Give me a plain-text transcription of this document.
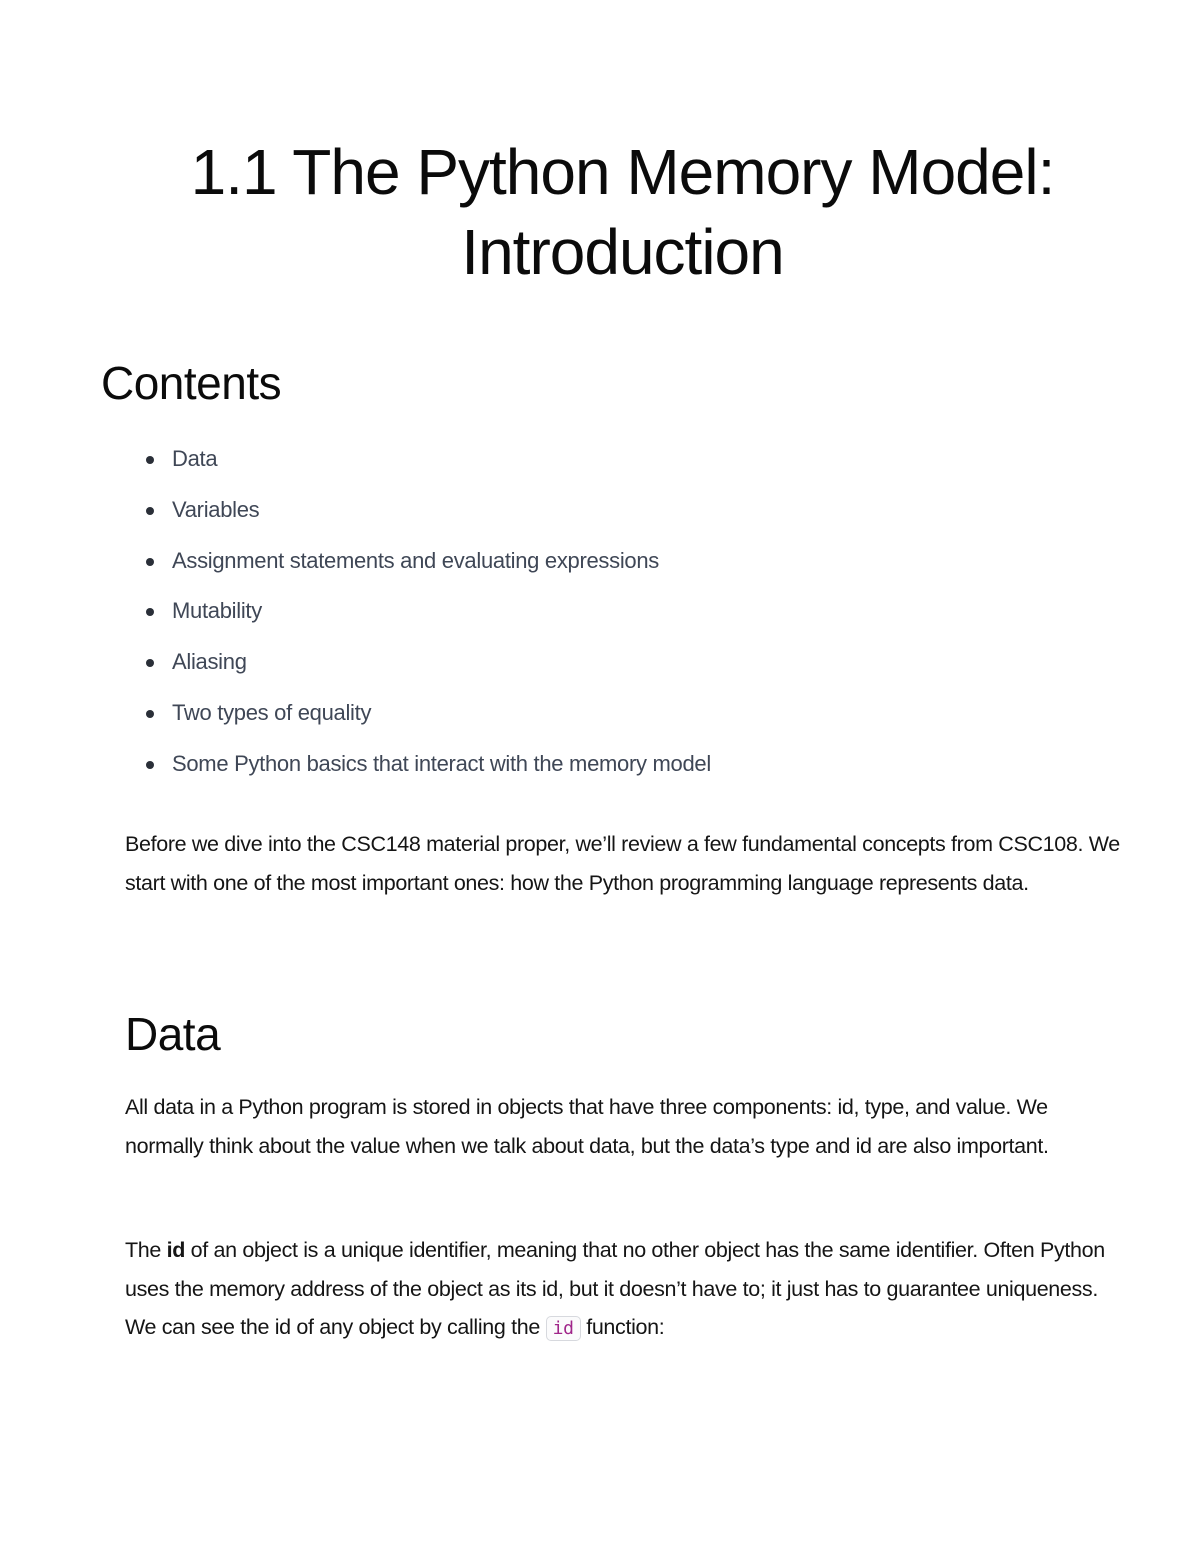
1.1 The Python Memory Model: Introduction
Contents
Data
Variables
Assignment statements and evaluating expressions
Mutability
Aliasing
Two types of equality
Some Python basics that interact with the memory model

Before we dive into the CSC148 material proper, we’ll review a few fundamental concepts from CSC108. We start with one of the most important ones: how the Python programming language represents data.

Data

All data in a Python program is stored in objects that have three components: id, type, and value. We normally think about the value when we talk about data, but the data’s type and id are also important.

The id of an object is a unique identifier, meaning that no other object has the same identifier. Often Python uses the memory address of the object as its id, but it doesn’t have to; it just has to guarantee uniqueness. We can see the id of any object by calling the id function:
